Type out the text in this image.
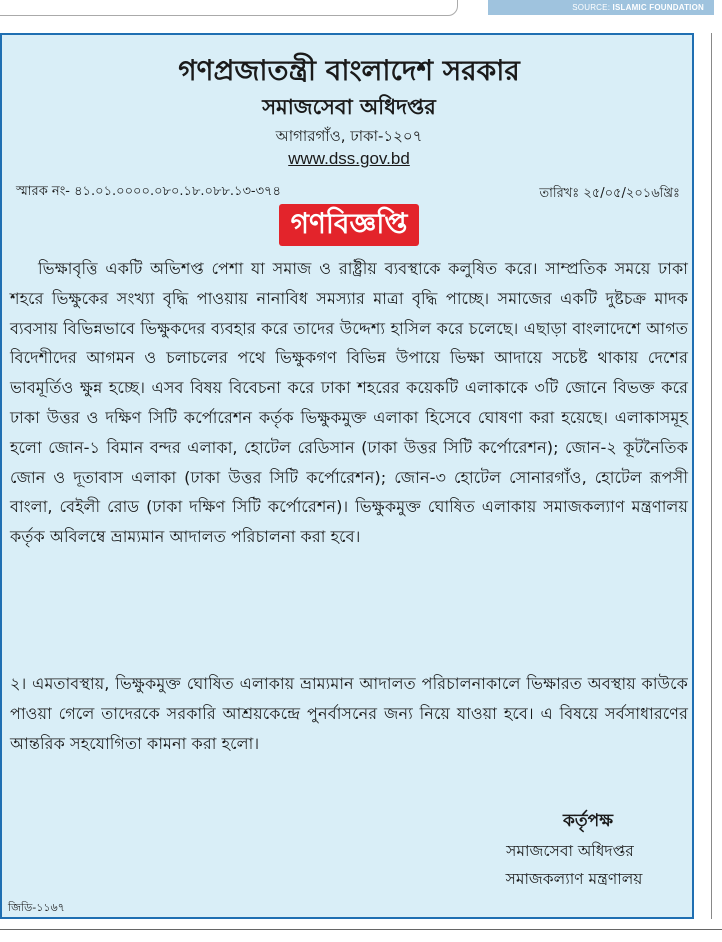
SOURCE: ISLAMIC FOUNDATION
গণপ্রজাতন্ত্রী বাংলাদেশ সরকার
সমাজসেবা অধিদপ্তর
আগারগাঁও, ঢাকা-১২০৭
www.dss.gov.bd
স্মারক নং- ৪১.০১.০০০০.০৮০.১৮.০৮৮.১৩-৩৭৪	তারিখঃ ২৫/০৫/২০১৬খ্রিঃ
গণবিজ্ঞপ্তি

ভিক্ষাবৃত্তি একটি অভিশপ্ত পেশা যা সমাজ ও রাষ্ট্রীয় ব্যবস্থাকে কলুষিত করে। সাম্প্রতিক সময়ে ঢাকা শহরে ভিক্ষুকের সংখ্যা বৃদ্ধি পাওয়ায় নানাবিধ সমস্যার মাত্রা বৃদ্ধি পাচ্ছে। সমাজের একটি দুষ্টচক্র মাদক ব্যবসায় বিভিন্নভাবে ভিক্ষুকদের ব্যবহার করে তাদের উদ্দেশ্য হাসিল করে চলেছে। এছাড়া বাংলাদেশে আগত বিদেশীদের আগমন ও চলাচলের পথে ভিক্ষুকগণ বিভিন্ন উপায়ে ভিক্ষা আদায়ে সচেষ্ট থাকায় দেশের ভাবমূর্তিও ক্ষুন্ন হচ্ছে। এসব বিষয় বিবেচনা করে ঢাকা শহরের কয়েকটি এলাকাকে ৩টি জোনে বিভক্ত করে ঢাকা উত্তর ও দক্ষিণ সিটি কর্পোরেশন কর্তৃক ভিক্ষুকমুক্ত এলাকা হিসেবে ঘোষণা করা হয়েছে। এলাকাসমূহ হলো জোন-১ বিমান বন্দর এলাকা, হোটেল রেডিসান (ঢাকা উত্তর সিটি কর্পোরেশন); জোন-২ কূটনৈতিক জোন ও দূতাবাস এলাকা (ঢাকা উত্তর সিটি কর্পোরেশন); জোন-৩ হোটেল সোনারগাঁও, হোটেল রূপসী বাংলা, বেইলী রোড (ঢাকা দক্ষিণ সিটি কর্পোরেশন)। ভিক্ষুকমুক্ত ঘোষিত এলাকায় সমাজকল্যাণ মন্ত্রণালয় কর্তৃক অবিলম্বে ভ্রাম্যমান আদালত পরিচালনা করা হবে।

২। এমতাবস্থায়, ভিক্ষুকমুক্ত ঘোষিত এলাকায় ভ্রাম্যমান আদালত পরিচালনাকালে ভিক্ষারত অবস্থায় কাউকে পাওয়া গেলে তাদেরকে সরকারি আশ্রয়কেন্দ্রে পুনর্বাসনের জন্য নিয়ে যাওয়া হবে। এ বিষয়ে সর্বসাধারণের আন্তরিক সহযোগিতা কামনা করা হলো।

কর্তৃপক্ষ
সমাজসেবা অধিদপ্তর
সমাজকল্যাণ মন্ত্রণালয়
জিডি-১১৬৭
